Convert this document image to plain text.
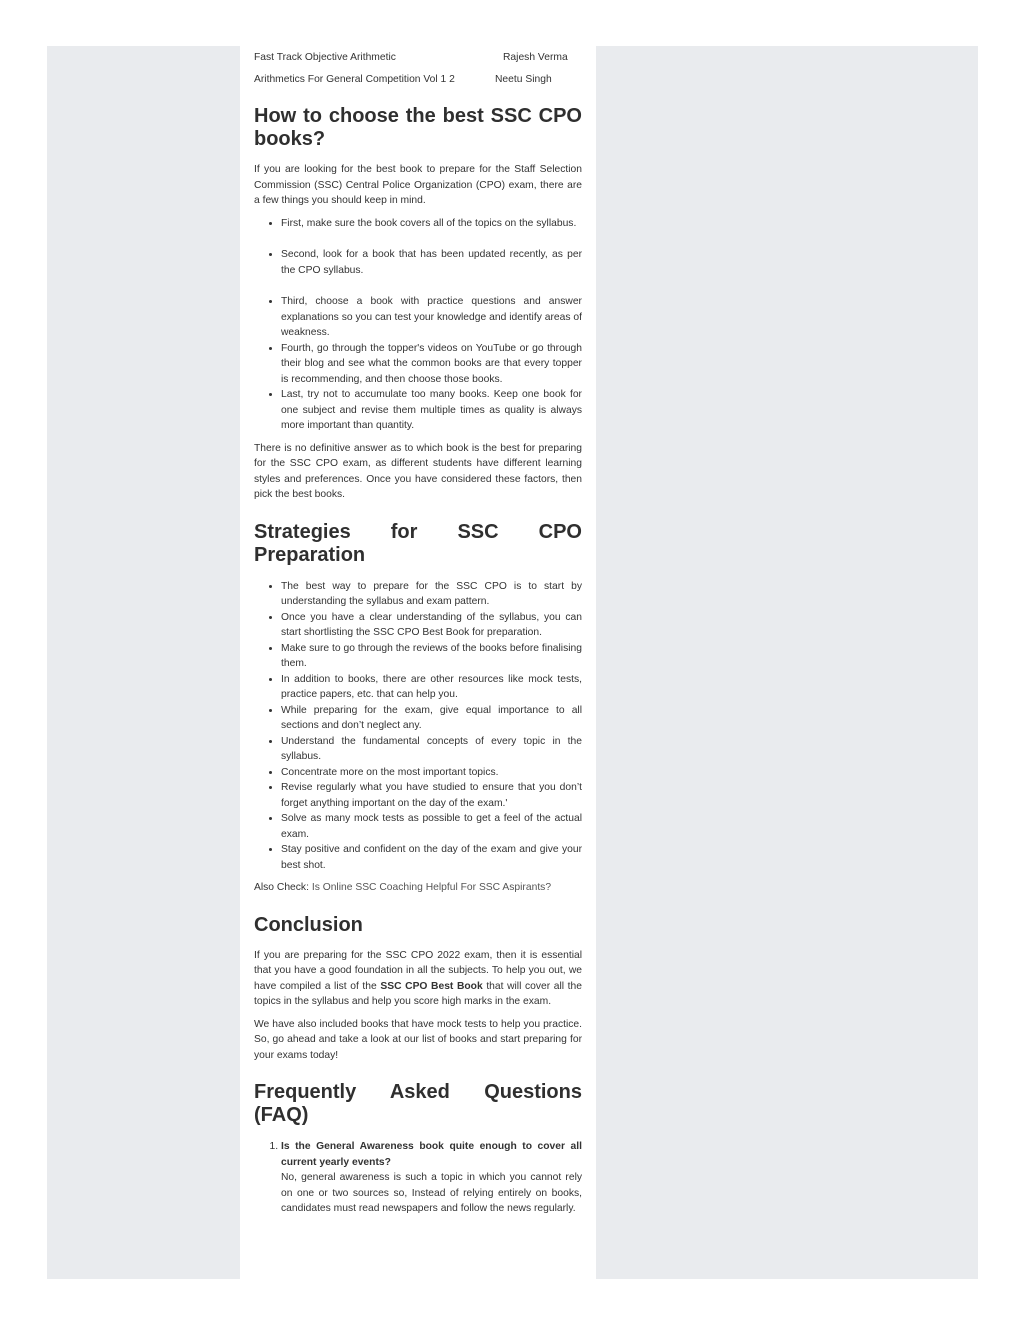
Fast Track Objective Arithmetic	Rajesh Verma
Arithmetics For General Competition Vol 1 2	Neetu Singh
How to choose the best SSC CPO books?

If you are looking for the best book to prepare for the Staff Selection Commission (SSC) Central Police Organization (CPO) exam, there are a few things you should keep in mind.

• First, make sure the book covers all of the topics on the syllabus.
• Second, look for a book that has been updated recently, as per the CPO syllabus.
• Third, choose a book with practice questions and answer explanations so you can test your knowledge and identify areas of weakness.
• Fourth, go through the topper's videos on YouTube or go through their blog and see what the common books are that every topper is recommending, and then choose those books.
• Last, try not to accumulate too many books. Keep one book for one subject and revise them multiple times as quality is always more important than quantity.

There is no definitive answer as to which book is the best for preparing for the SSC CPO exam, as different students have different learning styles and preferences. Once you have considered these factors, then pick the best books.

Strategies for SSC CPO Preparation
• The best way to prepare for the SSC CPO is to start by understanding the syllabus and exam pattern.
• Once you have a clear understanding of the syllabus, you can start shortlisting the SSC CPO Best Book for preparation.
• Make sure to go through the reviews of the books before finalising them.
• In addition to books, there are other resources like mock tests, practice papers, etc. that can help you.
• While preparing for the exam, give equal importance to all sections and don’t neglect any.
• Understand the fundamental concepts of every topic in the syllabus.
• Concentrate more on the most important topics.
• Revise regularly what you have studied to ensure that you don’t forget anything important on the day of the exam.'
• Solve as many mock tests as possible to get a feel of the actual exam.
• Stay positive and confident on the day of the exam and give your best shot.

Also Check: Is Online SSC Coaching Helpful For SSC Aspirants?

Conclusion

If you are preparing for the SSC CPO 2022 exam, then it is essential that you have a good foundation in all the subjects. To help you out, we have compiled a list of the SSC CPO Best Book that will cover all the topics in the syllabus and help you score high marks in the exam.

We have also included books that have mock tests to help you practice. So, go ahead and take a look at our list of books and start preparing for your exams today!

Frequently Asked Questions (FAQ)
1. Is the General Awareness book quite enough to cover all current yearly events?
No, general awareness is such a topic in which you cannot rely on one or two sources so, Instead of relying entirely on books, candidates must read newspapers and follow the news regularly.
